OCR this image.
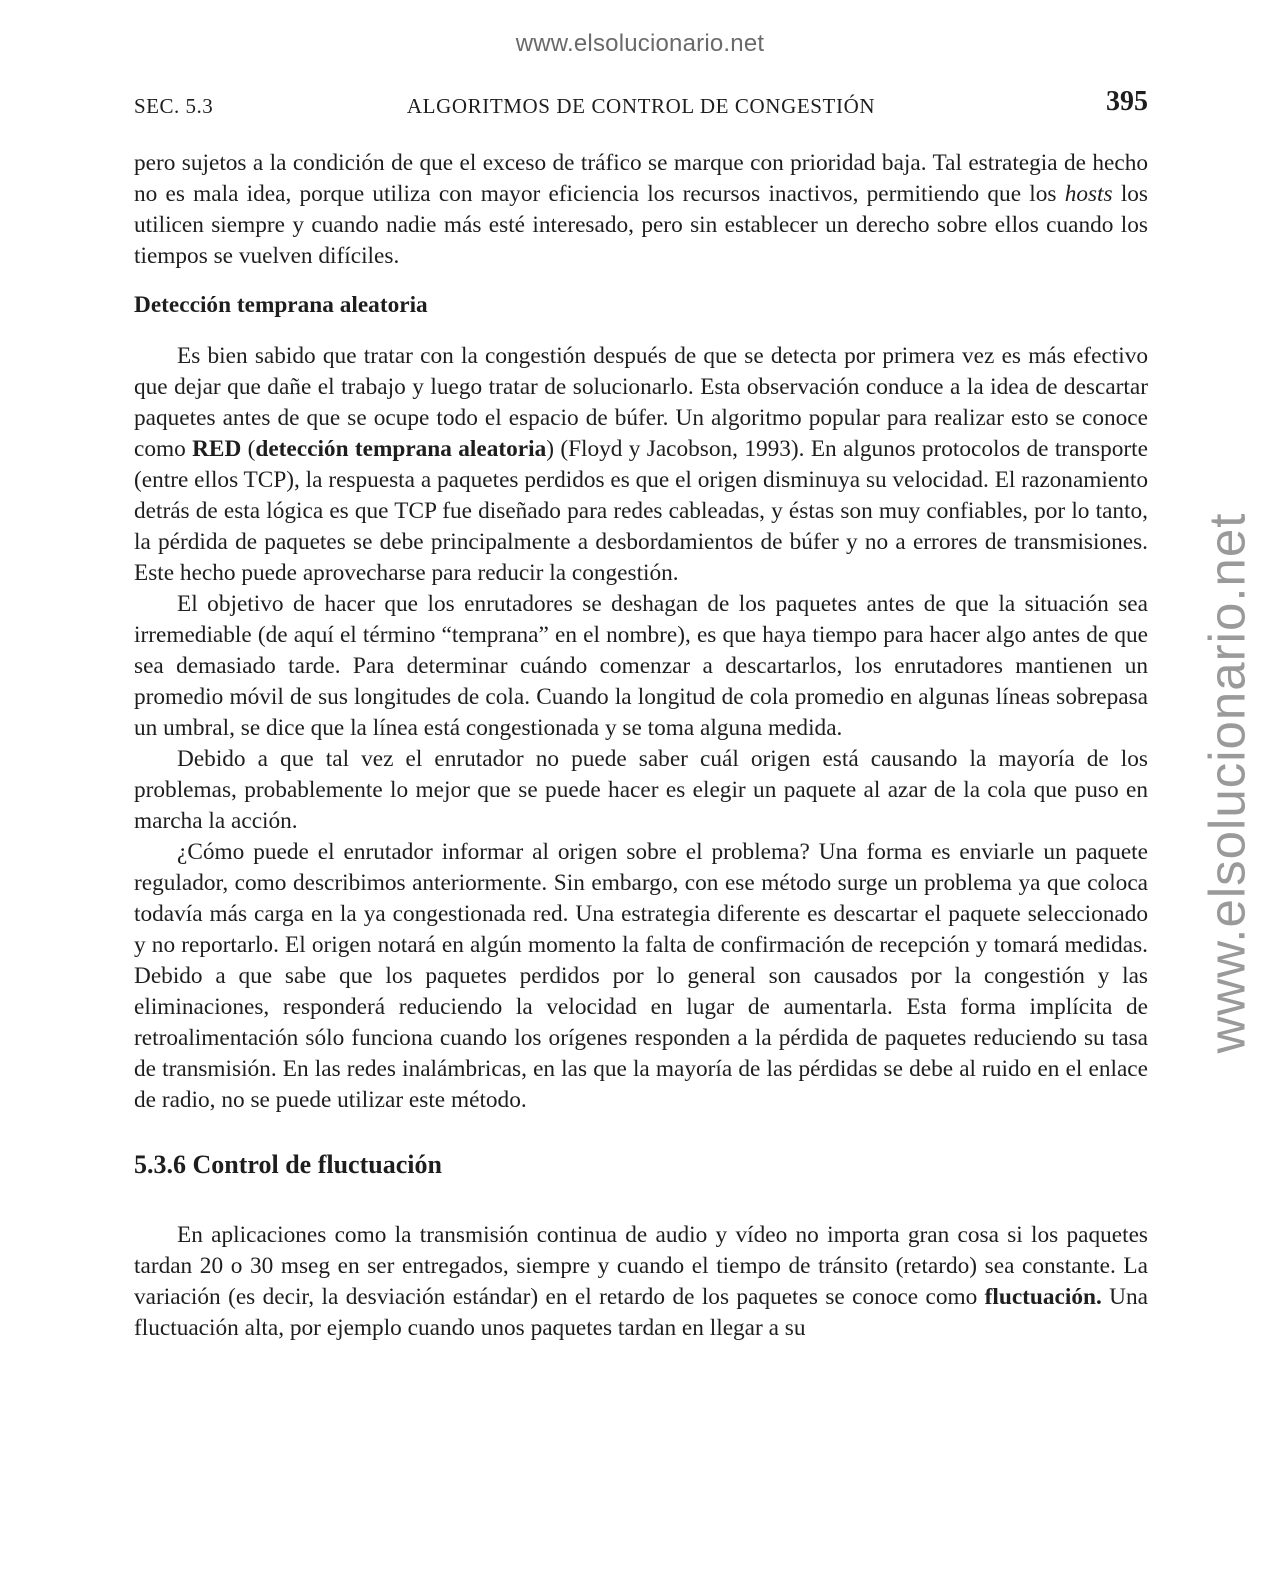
www.elsolucionario.net
www.elsolucionario.net
SEC. 5.3	ALGORITMOS DE CONTROL DE CONGESTIÓN	395

pero sujetos a la condición de que el exceso de tráfico se marque con prioridad baja. Tal estrategia de hecho no es mala idea, porque utiliza con mayor eficiencia los recursos inactivos, permitiendo que los hosts los utilicen siempre y cuando nadie más esté interesado, pero sin establecer un derecho sobre ellos cuando los tiempos se vuelven difíciles.

Detección temprana aleatoria

Es bien sabido que tratar con la congestión después de que se detecta por primera vez es más efectivo que dejar que dañe el trabajo y luego tratar de solucionarlo. Esta observación conduce a la idea de descartar paquetes antes de que se ocupe todo el espacio de búfer. Un algoritmo popular para realizar esto se conoce como RED (detección temprana aleatoria) (Floyd y Jacobson, 1993). En algunos protocolos de transporte (entre ellos TCP), la respuesta a paquetes perdidos es que el origen disminuya su velocidad. El razonamiento detrás de esta lógica es que TCP fue diseñado para redes cableadas, y éstas son muy confiables, por lo tanto, la pérdida de paquetes se debe principalmente a desbordamientos de búfer y no a errores de transmisiones. Este hecho puede aprovecharse para reducir la congestión.

El objetivo de hacer que los enrutadores se deshagan de los paquetes antes de que la situación sea irremediable (de aquí el término “temprana” en el nombre), es que haya tiempo para hacer algo antes de que sea demasiado tarde. Para determinar cuándo comenzar a descartarlos, los enrutadores mantienen un promedio móvil de sus longitudes de cola. Cuando la longitud de cola promedio en algunas líneas sobrepasa un umbral, se dice que la línea está congestionada y se toma alguna medida.

Debido a que tal vez el enrutador no puede saber cuál origen está causando la mayoría de los problemas, probablemente lo mejor que se puede hacer es elegir un paquete al azar de la cola que puso en marcha la acción.

¿Cómo puede el enrutador informar al origen sobre el problema? Una forma es enviarle un paquete regulador, como describimos anteriormente. Sin embargo, con ese método surge un problema ya que coloca todavía más carga en la ya congestionada red. Una estrategia diferente es descartar el paquete seleccionado y no reportarlo. El origen notará en algún momento la falta de confirmación de recepción y tomará medidas. Debido a que sabe que los paquetes perdidos por lo general son causados por la congestión y las eliminaciones, responderá reduciendo la velocidad en lugar de aumentarla. Esta forma implícita de retroalimentación sólo funciona cuando los orígenes responden a la pérdida de paquetes reduciendo su tasa de transmisión. En las redes inalámbricas, en las que la mayoría de las pérdidas se debe al ruido en el enlace de radio, no se puede utilizar este método.

5.3.6 Control de fluctuación

En aplicaciones como la transmisión continua de audio y vídeo no importa gran cosa si los paquetes tardan 20 o 30 mseg en ser entregados, siempre y cuando el tiempo de tránsito (retardo) sea constante. La variación (es decir, la desviación estándar) en el retardo de los paquetes se conoce como fluctuación. Una fluctuación alta, por ejemplo cuando unos paquetes tardan en llegar a su
